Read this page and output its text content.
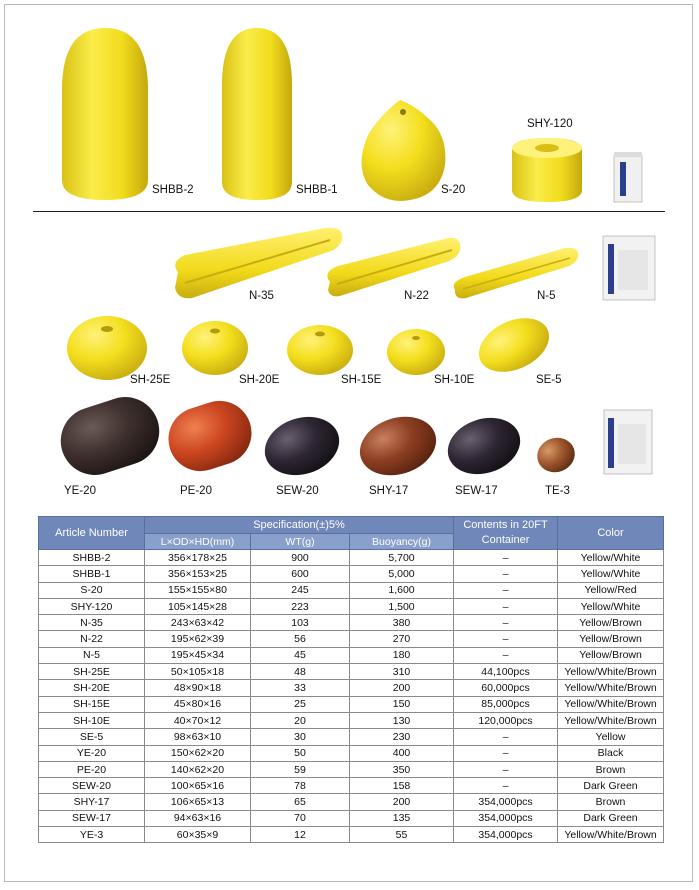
SHBB-2	SHBB-1	S-20
SHY-120
N-35	N-22	N-5
SH-25E	SH-20E	SH-15E	SH-10E	SE-5
YE-20	PE-20	SEW-20	SHY-17	SEW-17	TE-3
Article Number	Specification(±)5%			Contents in 20FT Container	Color
	L×OD×HD(mm)	WT(g)	Buoyancy(g)		
SHBB-2	356×178×25	900	5,700	–	Yellow/White
SHBB-1	356×153×25	600	5,000	–	Yellow/White
S-20	155×155×80	245	1,600	–	Yellow/Red
SHY-120	105×145×28	223	1,500	–	Yellow/White
N-35	243×63×42	103	380	–	Yellow/Brown
N-22	195×62×39	56	270	–	Yellow/Brown
N-5	195×45×34	45	180	–	Yellow/Brown
SH-25E	50×105×18	48	310	44,100pcs	Yellow/White/Brown
SH-20E	48×90×18	33	200	60,000pcs	Yellow/White/Brown
SH-15E	45×80×16	25	150	85,000pcs	Yellow/White/Brown
SH-10E	40×70×12	20	130	120,000pcs	Yellow/White/Brown
SE-5	98×63×10	30	230	–	Yellow
YE-20	150×62×20	50	400	–	Black
PE-20	140×62×20	59	350	–	Brown
SEW-20	100×65×16	78	158	–	Dark Green
SHY-17	106×65×13	65	200	354,000pcs	Brown
SEW-17	94×63×16	70	135	354,000pcs	Dark Green
YE-3	60×35×9	12	55	354,000pcs	Yellow/White/Brown
